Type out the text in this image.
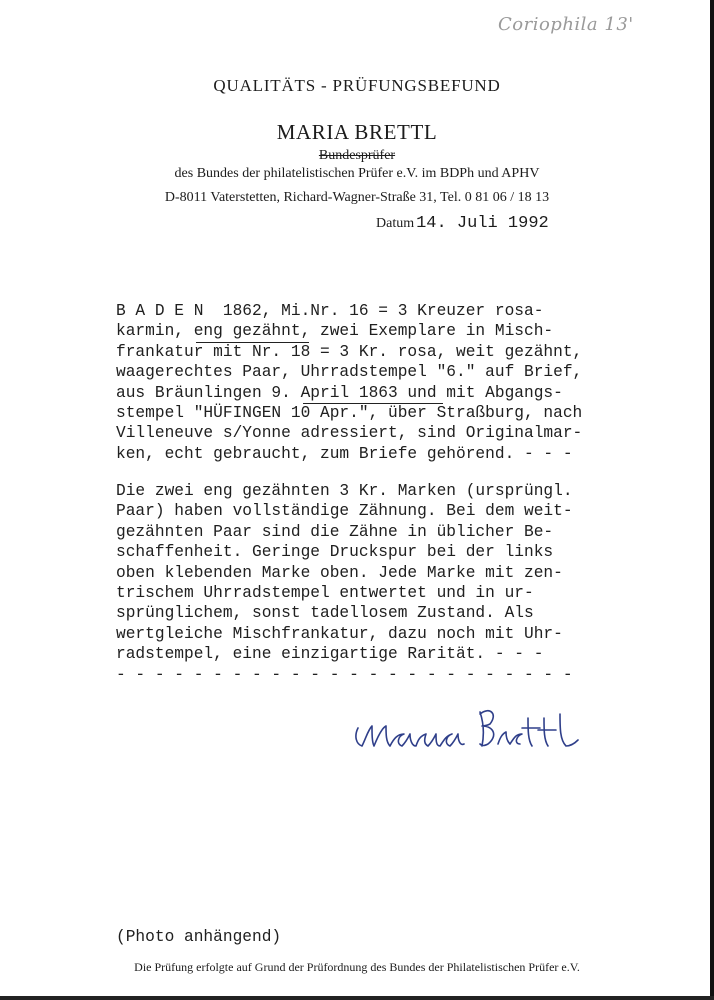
Coriophila 13'
QUALITÄTS - PRÜFUNGSBEFUND
MARIA BRETTL
Bundesprüfer
des Bundes der philatelistischen Prüfer e.V. im BDPh und APHV
D-8011 Vaterstetten, Richard-Wagner-Straße 31, Tel. 0 81 06 / 18 13
Datum 14. Juli 1992
B A D E N  1862, Mi.Nr. 16 = 3 Kreuzer rosa-
karmin, eng gezähnt, zwei Exemplare in Misch-
frankatur mit Nr. 18 = 3 Kr. rosa, weit gezähnt,
waagerechtes Paar, Uhrradstempel "6." auf Brief,
aus Bräunlingen 9. April 1863 und mit Abgangs-
stempel "HÜFINGEN 10 Apr.", über Straßburg, nach
Villeneuve s/Yonne adressiert, sind Originalmar-
ken, echt gebraucht, zum Briefe gehörend. - - -
Die zwei eng gezähnten 3 Kr. Marken (ursprüngl.
Paar) haben vollständige Zähnung. Bei dem weit-
gezähnten Paar sind die Zähne in üblicher Be-
schaffenheit. Geringe Druckspur bei der links
oben klebenden Marke oben. Jede Marke mit zen-
trischem Uhrradstempel entwertet und in ur-
sprünglichem, sonst tadellosem Zustand. Als
wertgleiche Mischfrankatur, dazu noch mit Uhr-
radstempel, eine einzigartige Rarität. - - -
- - - - - - - - - - - - - - - - - - - - - - - -
Maria Brettl
(Photo anhängend)
Die Prüfung erfolgte auf Grund der Prüfordnung des Bundes der Philatelistischen Prüfer e.V.
